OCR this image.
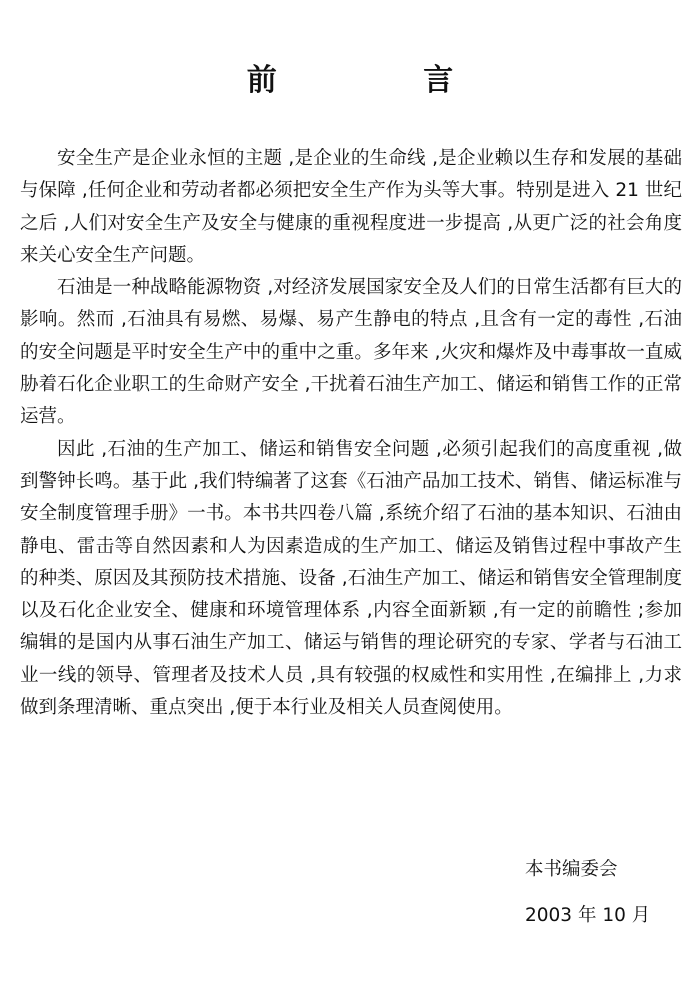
前 言

安全生产是企业永恒的主题 ,是企业的生命线 ,是企业赖以生存和发展的基础与保障 ,任何企业和劳动者都必须把安全生产作为头等大事。特别是进入 21 世纪之后 ,人们对安全生产及安全与健康的重视程度进一步提高 ,从更广泛的社会角度来关心安全生产问题。

石油是一种战略能源物资 ,对经济发展国家安全及人们的日常生活都有巨大的影响。然而 ,石油具有易燃、易爆、易产生静电的特点 ,且含有一定的毒性 ,石油的安全问题是平时安全生产中的重中之重。多年来 ,火灾和爆炸及中毒事故一直威胁着石化企业职工的生命财产安全 ,干扰着石油生产加工、储运和销售工作的正常运营。

因此 ,石油的生产加工、储运和销售安全问题 ,必须引起我们的高度重视 ,做到警钟长鸣。基于此 ,我们特编著了这套《石油产品加工技术、销售、储运标准与安全制度管理手册》一书。本书共四卷八篇 ,系统介绍了石油的基本知识、石油由静电、雷击等自然因素和人为因素造成的生产加工、储运及销售过程中事故产生的种类、原因及其预防技术措施、设备 ,石油生产加工、储运和销售安全管理制度以及石化企业安全、健康和环境管理体系 ,内容全面新颖 ,有一定的前瞻性 ;参加编辑的是国内从事石油生产加工、储运与销售的理论研究的专家、学者与石油工业一线的领导、管理者及技术人员 ,具有较强的权威性和实用性 ,在编排上 ,力求做到条理清晰、重点突出 ,便于本行业及相关人员查阅使用。

本书编委会
2003 年 10 月
